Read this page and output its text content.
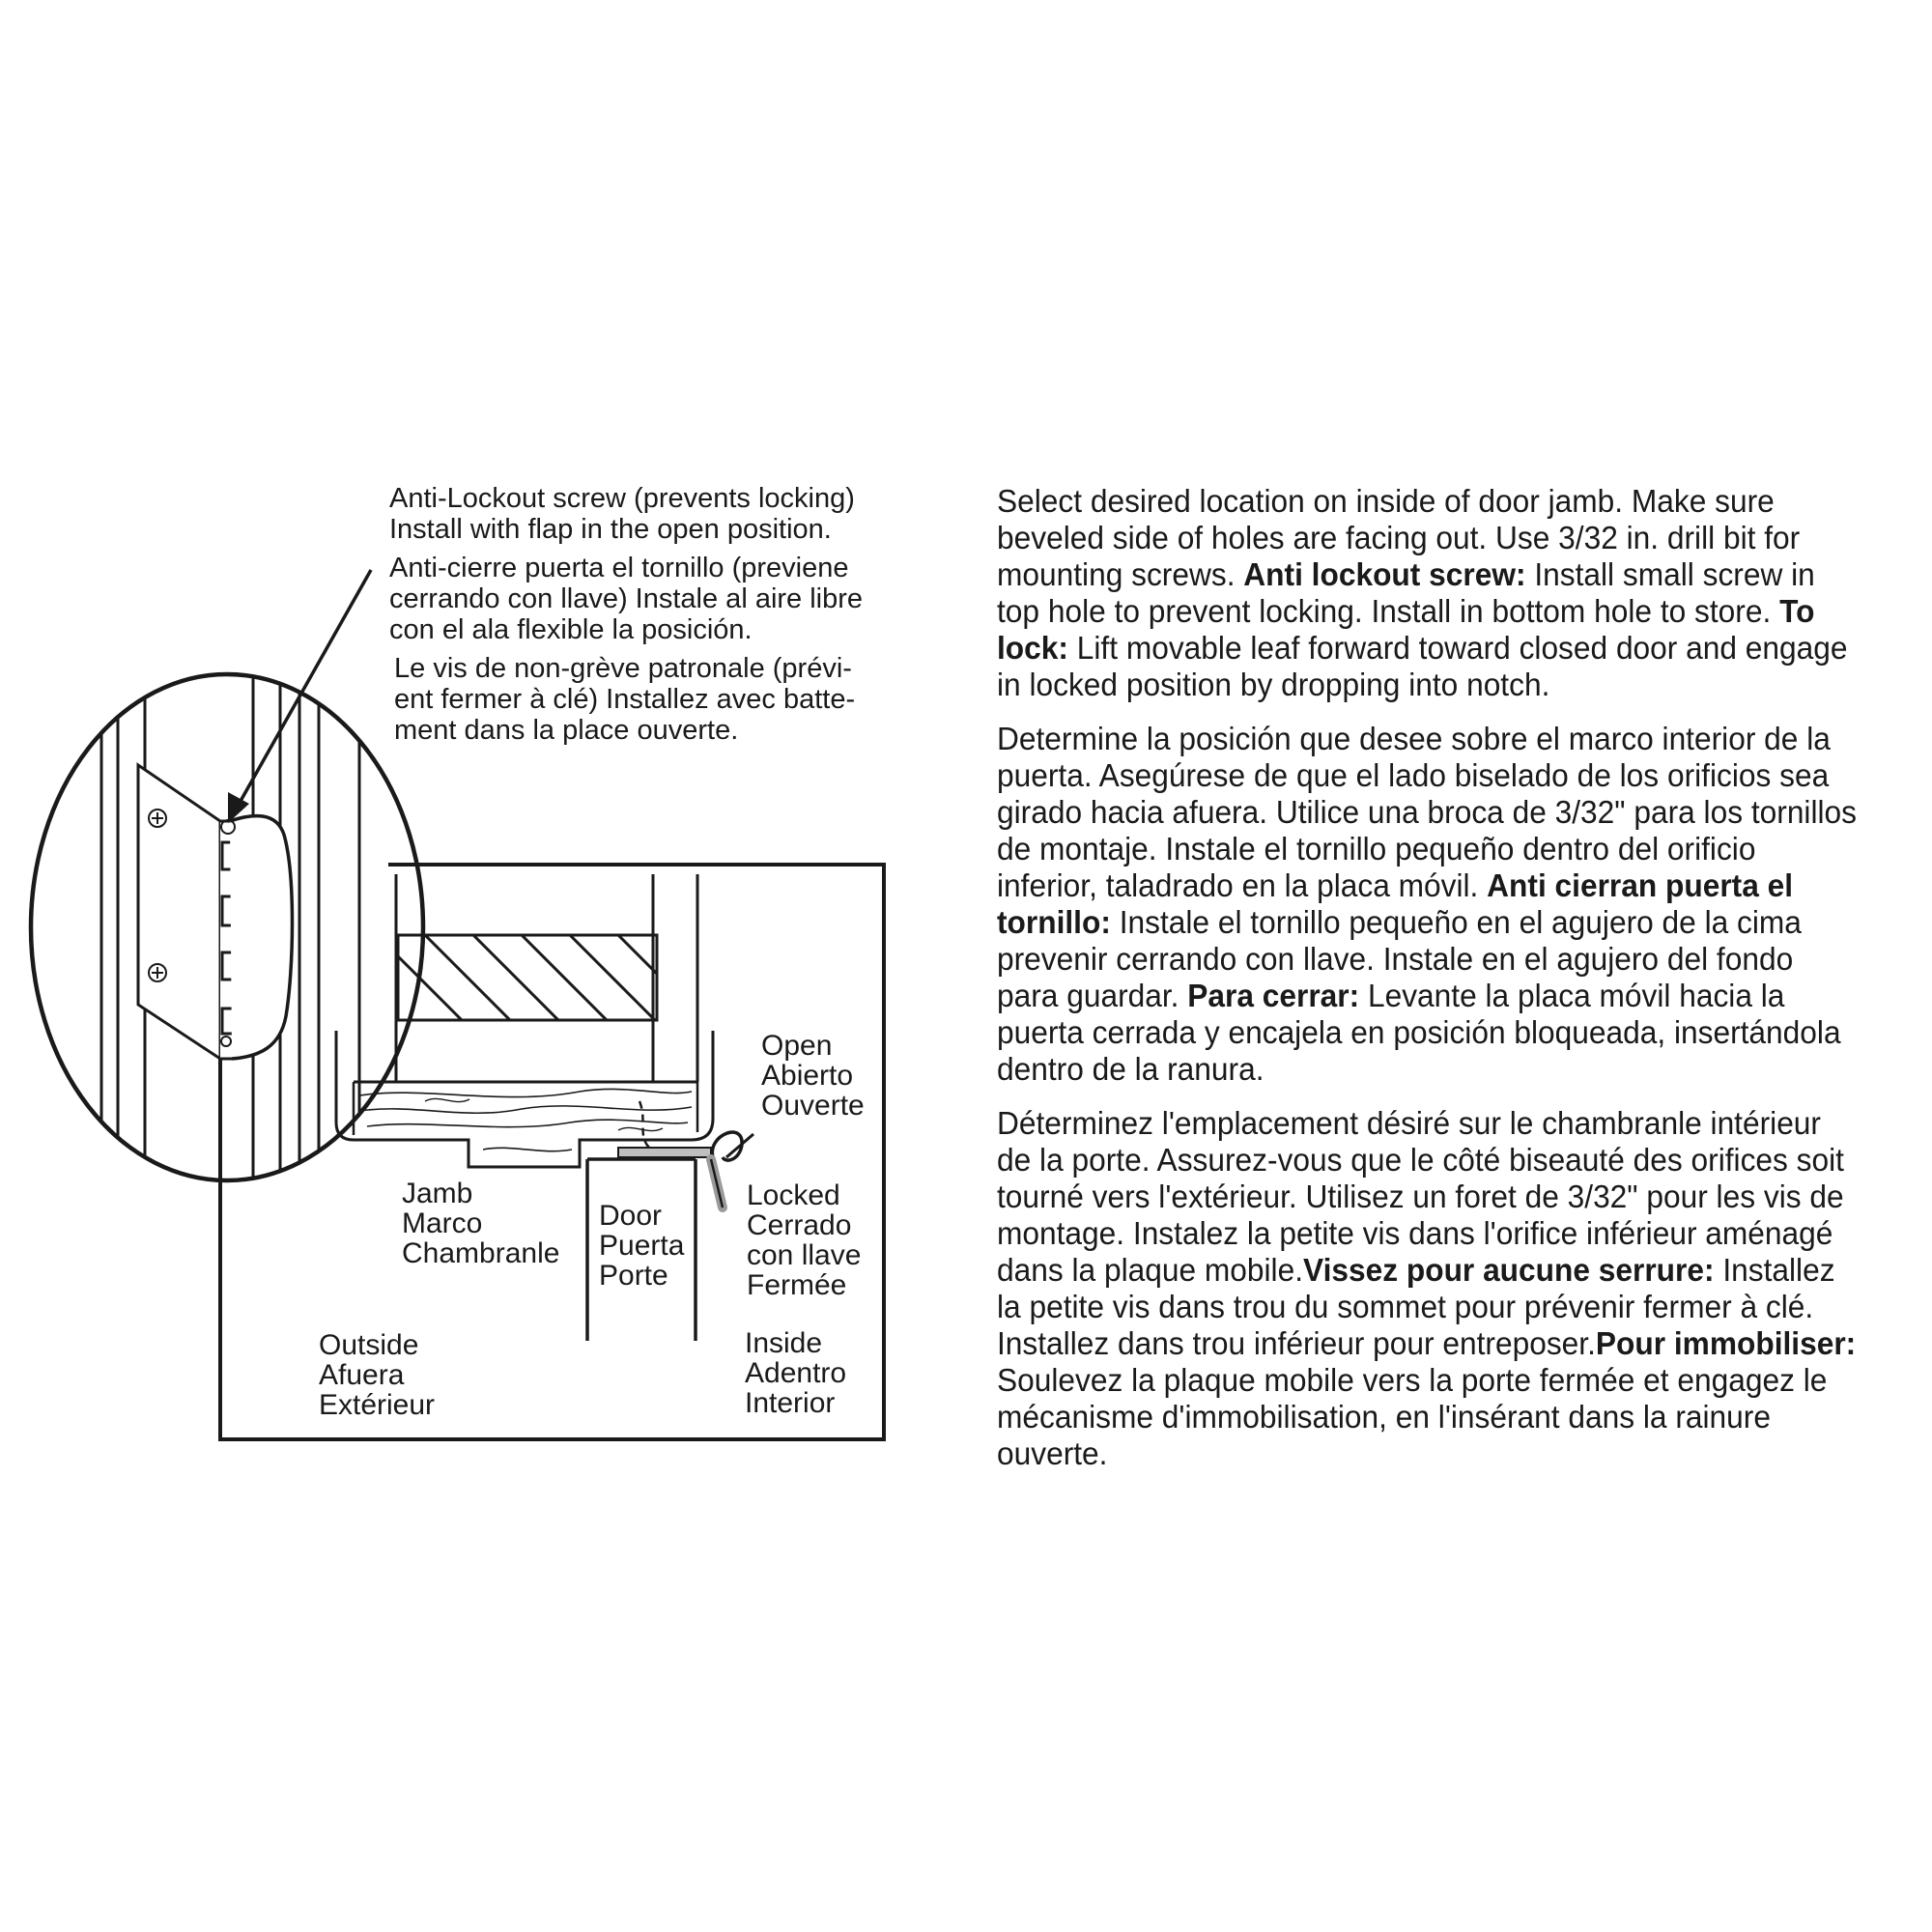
Anti-Lockout screw (prevents locking)
Install with flap in the open position.

Anti-cierre puerta el tornillo (previene
cerrando con llave) Instale al aire libre
con el ala flexible la posición.

Le vis de non-grève patronale (prévi-
ent fermer à clé) Installez avec batte-
ment dans la place ouverte.

Open
Abierto
Ouverte

Locked
Cerrado
con llave
Fermée

Jamb
Marco
Chambranle

Door
Puerta
Porte

Outside
Afuera
Extérieur

Inside
Adentro
Interior

Select desired location on inside of door jamb. Make sure beveled side of holes are facing out. Use 3/32 in. drill bit for mounting screws. Anti lockout screw: Install small screw in top hole to prevent locking. Install in bottom hole to store. To lock: Lift movable leaf forward toward closed door and engage in locked position by dropping into notch.

Determine la posición que desee sobre el marco interior de la puerta. Asegúrese de que el lado biselado de los orificios sea girado hacia afuera. Utilice una broca de 3/32" para los tornillos de montaje. Instale el tornillo pequeño dentro del orificio inferior, taladrado en la placa móvil. Anti cierran puerta el tornillo: Instale el tornillo pequeño en el agujero de la cima prevenir cerrando con llave. Instale en el agujero del fondo para guardar. Para cerrar: Levante la placa móvil hacia la puerta cerrada y encajela en posición bloqueada, insertándola dentro de la ranura.

Déterminez l'emplacement désiré sur le chambranle intérieur de la porte. Assurez-vous que le côté biseauté des orifices soit tourné vers l'extérieur. Utilisez un foret de 3/32" pour les vis de montage. Instalez la petite vis dans l'orifice inférieur aménagé dans la plaque mobile.Vissez pour aucune serrure: Installez la petite vis dans trou du sommet pour prévenir fermer à clé. Installez dans trou inférieur pour entreposer.Pour immobiliser: Soulevez la plaque mobile vers la porte fermée et engagez le mécanisme d'immobilisation, en l'insérant dans la rainure ouverte.
